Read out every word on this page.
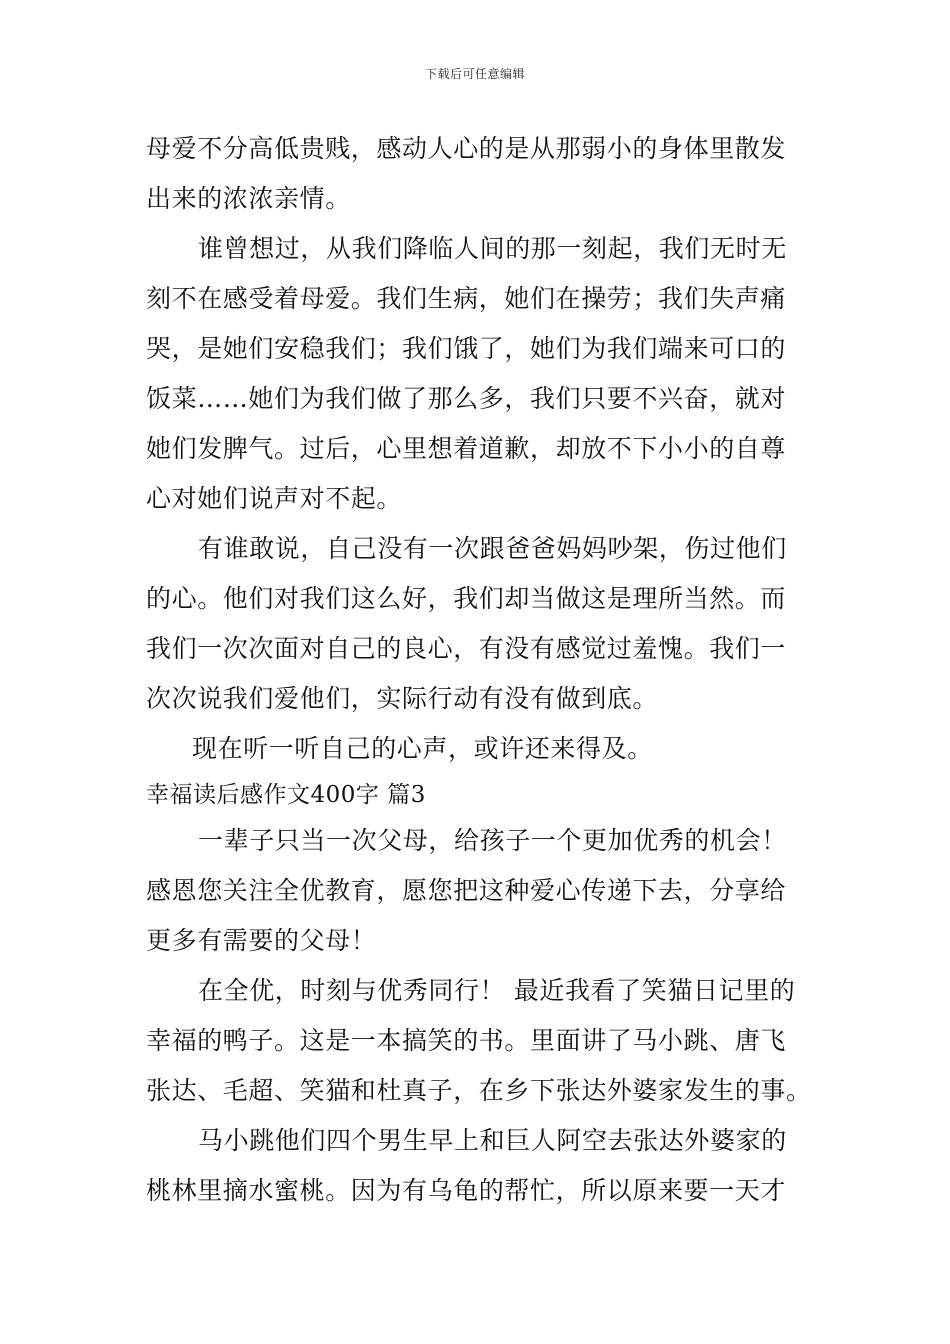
下载后可任意编辑
母爱不分高低贵贱，感动人心的是从那弱小的身体里散发
出来的浓浓亲情。
谁曾想过，从我们降临人间的那一刻起，我们无时无
刻不在感受着母爱。我们生病，她们在操劳；我们失声痛
哭，是她们安稳我们；我们饿了，她们为我们端来可口的
饭菜……她们为我们做了那么多，我们只要不兴奋，就对
她们发脾气。过后，心里想着道歉，却放不下小小的自尊
心对她们说声对不起。
有谁敢说，自己没有一次跟爸爸妈妈吵架，伤过他们
的心。他们对我们这么好，我们却当做这是理所当然。而
我们一次次面对自己的良心，有没有感觉过羞愧。我们一
次次说我们爱他们，实际行动有没有做到底。
现在听一听自己的心声，或许还来得及。
幸福读后感作文400字 篇3
一辈子只当一次父母，给孩子一个更加优秀的机会！
感恩您关注全优教育，愿您把这种爱心传递下去，分享给
更多有需要的父母！
在全优，时刻与优秀同行！ 最近我看了笑猫日记里的
幸福的鸭子。这是一本搞笑的书。里面讲了马小跳、唐飞
张达、毛超、笑猫和杜真子，在乡下张达外婆家发生的事。
马小跳他们四个男生早上和巨人阿空去张达外婆家的
桃林里摘水蜜桃。因为有乌龟的帮忙，所以原来要一天才
